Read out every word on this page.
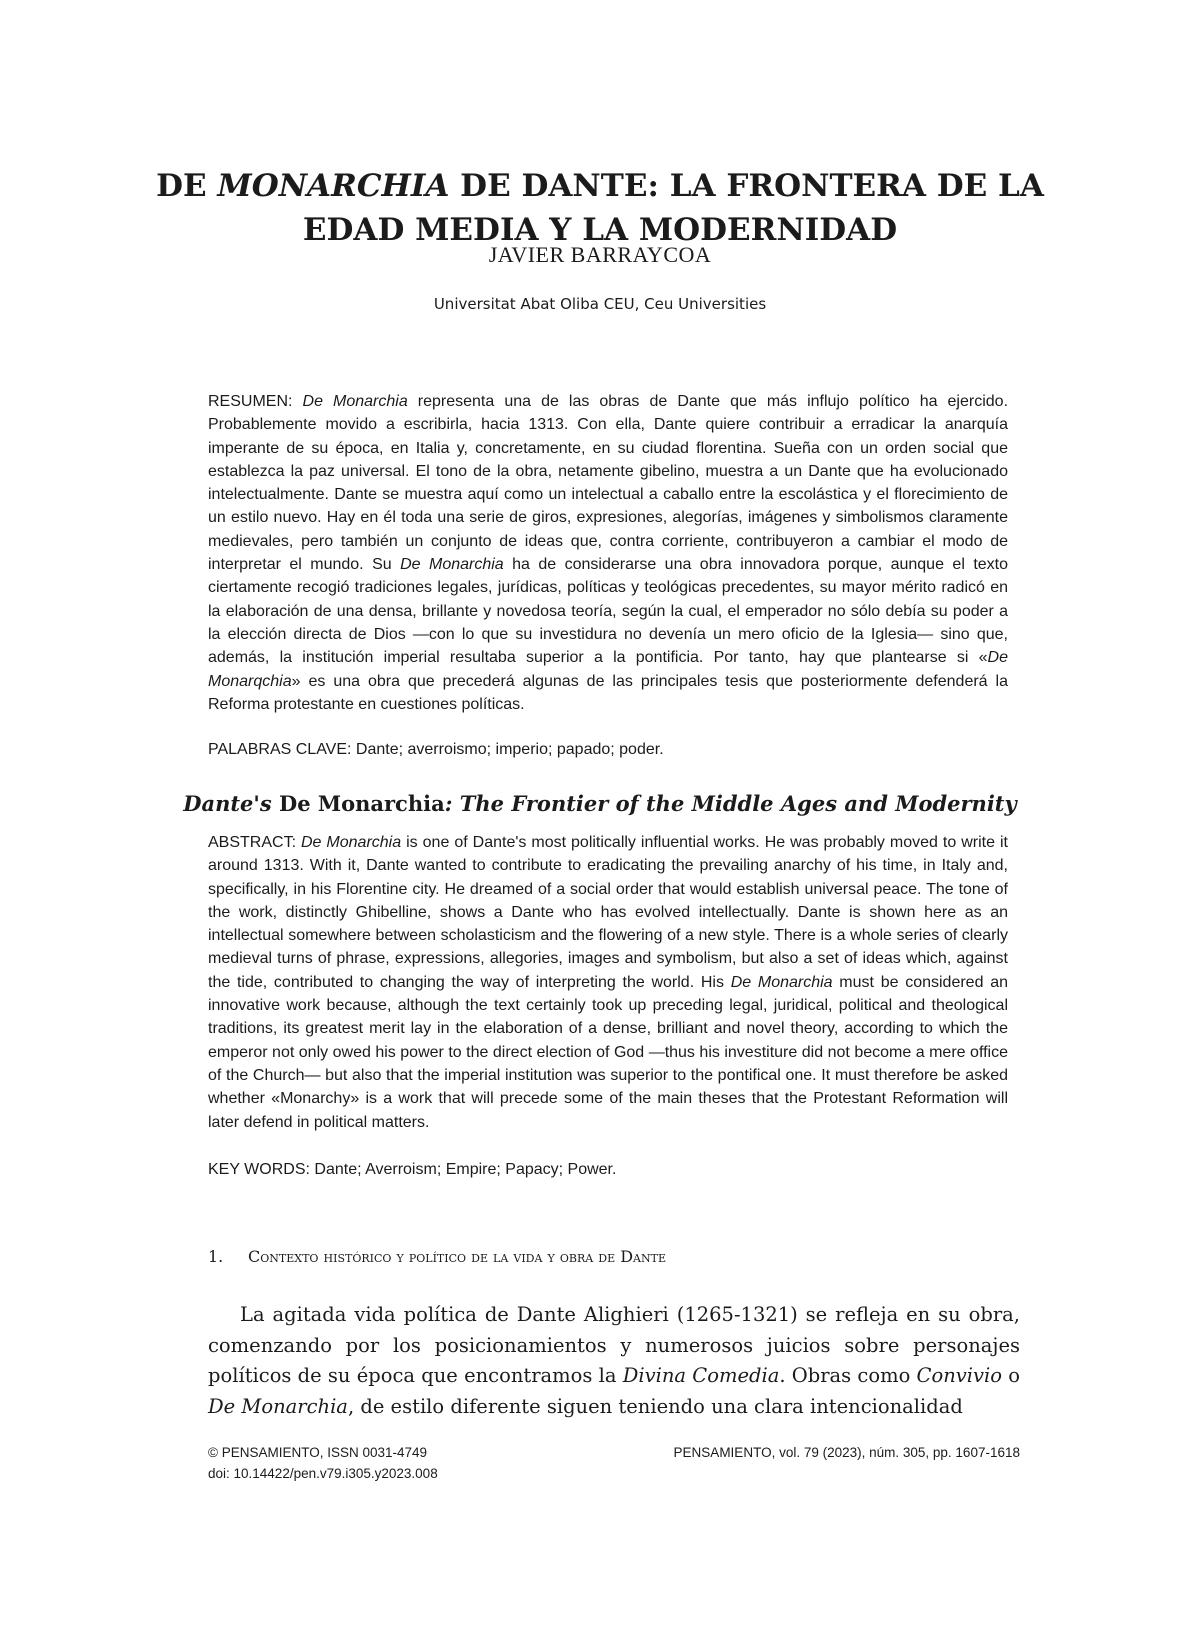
DE MONARCHIA DE DANTE: LA FRONTERA DE LA EDAD MEDIA Y LA MODERNIDAD
JAVIER BARRAYCOA
Universitat Abat Oliba CEU, Ceu Universities

RESUMEN: De Monarchia representa una de las obras de Dante que más influjo político ha ejercido. Probablemente movido a escribirla, hacia 1313. Con ella, Dante quiere contribuir a erradicar la anarquía imperante de su época, en Italia y, concretamente, en su ciudad florentina. Sueña con un orden social que establezca la paz universal. El tono de la obra, netamente gibelino, muestra a un Dante que ha evolucionado intelectualmente. Dante se muestra aquí como un intelectual a caballo entre la escolástica y el florecimiento de un estilo nuevo. Hay en él toda una serie de giros, expresiones, alegorías, imágenes y simbolismos claramente medievales, pero también un conjunto de ideas que, contra corriente, contribuyeron a cambiar el modo de interpretar el mundo. Su De Monarchia ha de considerarse una obra innovadora porque, aunque el texto ciertamente recogió tradiciones legales, jurídicas, políticas y teológicas precedentes, su mayor mérito radicó en la elaboración de una densa, brillante y novedosa teoría, según la cual, el emperador no sólo debía su poder a la elección directa de Dios —con lo que su investidura no devenía un mero oficio de la Iglesia— sino que, además, la institución imperial resultaba superior a la pontificia. Por tanto, hay que plantearse si «De Monarqchia» es una obra que precederá algunas de las principales tesis que posteriormente defenderá la Reforma protestante en cuestiones políticas.

PALABRAS CLAVE: Dante; averroismo; imperio; papado; poder.

Dante's De Monarchia: The Frontier of the Middle Ages and Modernity

ABSTRACT: De Monarchia is one of Dante's most politically influential works. He was probably moved to write it around 1313. With it, Dante wanted to contribute to eradicating the prevailing anarchy of his time, in Italy and, specifically, in his Florentine city. He dreamed of a social order that would establish universal peace. The tone of the work, distinctly Ghibelline, shows a Dante who has evolved intellectually. Dante is shown here as an intellectual somewhere between scholasticism and the flowering of a new style. There is a whole series of clearly medieval turns of phrase, expressions, allegories, images and symbolism, but also a set of ideas which, against the tide, contributed to changing the way of interpreting the world. His De Monarchia must be considered an innovative work because, although the text certainly took up preceding legal, juridical, political and theological traditions, its greatest merit lay in the elaboration of a dense, brilliant and novel theory, according to which the emperor not only owed his power to the direct election of God —thus his investiture did not become a mere office of the Church— but also that the imperial institution was superior to the pontifical one. It must therefore be asked whether «Monarchy» is a work that will precede some of the main theses that the Protestant Reformation will later defend in political matters.

KEY WORDS: Dante; Averroism; Empire; Papacy; Power.

1. Contexto histórico y político de la vida y obra de Dante

La agitada vida política de Dante Alighieri (1265-1321) se refleja en su obra, comenzando por los posicionamientos y numerosos juicios sobre personajes políticos de su época que encontramos la Divina Comedia. Obras como Convivio o De Monarchia, de estilo diferente siguen teniendo una clara intencionalidad

© PENSAMIENTO, ISSN 0031-4749
doi: 10.14422/pen.v79.i305.y2023.008
PENSAMIENTO, vol. 79 (2023), núm. 305, pp. 1607-1618
